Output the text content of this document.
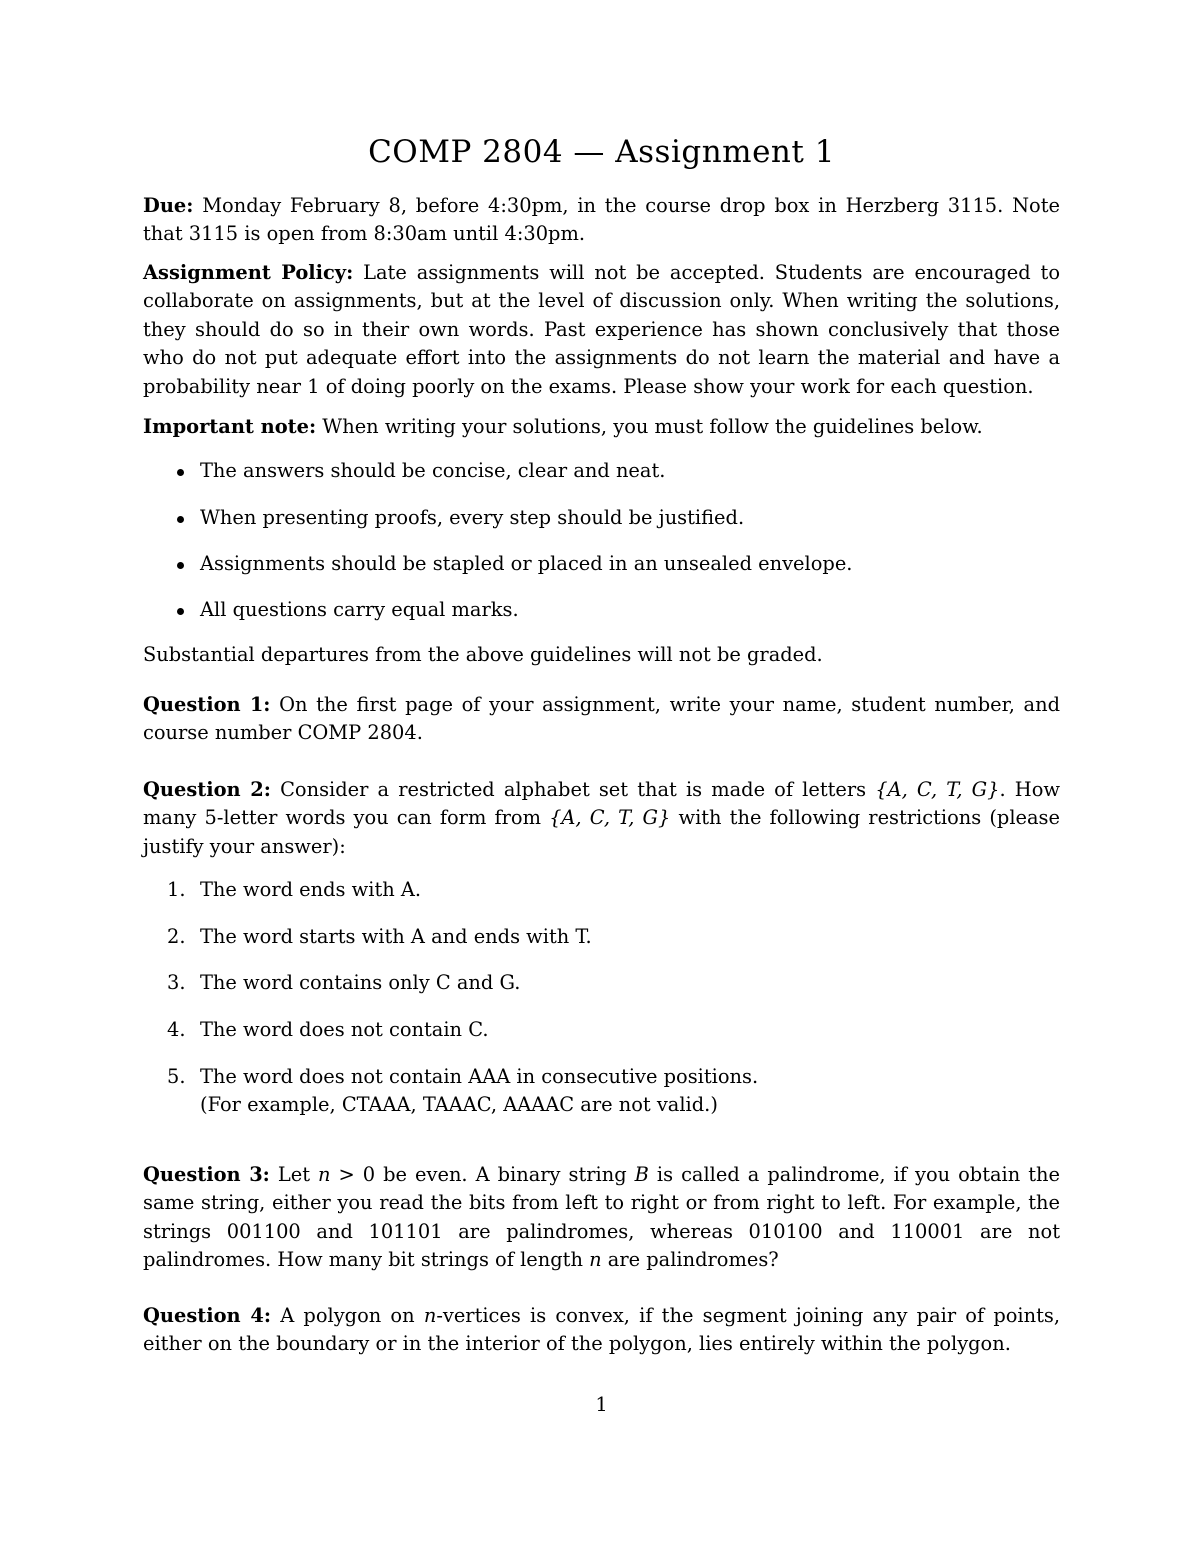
COMP 2804 — Assignment 1
Due: Monday February 8, before 4:30pm, in the course drop box in Herzberg 3115. Note that 3115 is open from 8:30am until 4:30pm.
Assignment Policy: Late assignments will not be accepted. Students are encouraged to collaborate on assignments, but at the level of discussion only. When writing the solutions, they should do so in their own words. Past experience has shown conclusively that those who do not put adequate effort into the assignments do not learn the material and have a probability near 1 of doing poorly on the exams. Please show your work for each question.
Important note: When writing your solutions, you must follow the guidelines below.
The answers should be concise, clear and neat.
When presenting proofs, every step should be justified.
Assignments should be stapled or placed in an unsealed envelope.
All questions carry equal marks.
Substantial departures from the above guidelines will not be graded.
Question 1: On the first page of your assignment, write your name, student number, and course number COMP 2804.
Question 2: Consider a restricted alphabet set that is made of letters {A, C, T, G}. How many 5-letter words you can form from {A, C, T, G} with the following restrictions (please justify your answer):
1. The word ends with A.
2. The word starts with A and ends with T.
3. The word contains only C and G.
4. The word does not contain C.
5. The word does not contain AAA in consecutive positions.
(For example, CTAAA, TAAAC, AAAAC are not valid.)
Question 3: Let n > 0 be even. A binary string B is called a palindrome, if you obtain the same string, either you read the bits from left to right or from right to left. For example, the strings 001100 and 101101 are palindromes, whereas 010100 and 110001 are not palindromes. How many bit strings of length n are palindromes?
Question 4: A polygon on n-vertices is convex, if the segment joining any pair of points, either on the boundary or in the interior of the polygon, lies entirely within the polygon.
1
